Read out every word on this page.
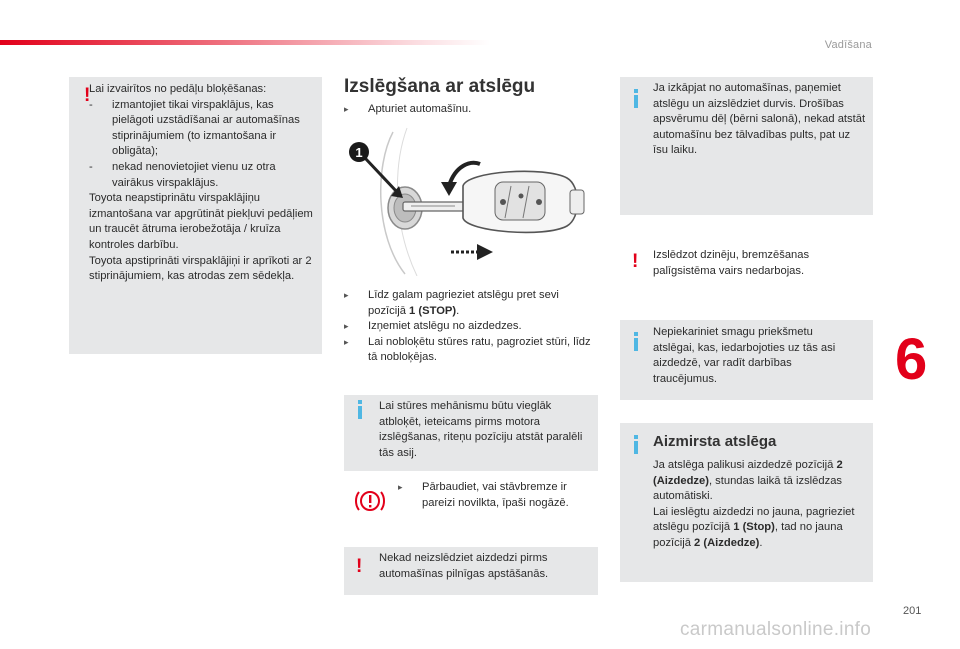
Vadīšana
!
Lai izvairītos no pedāļu bloķēšanas:
- izmantojiet tikai virspaklājus, kas pielāgoti uzstādīšanai ar automašīnas stiprinājumiem (to izmantošana ir obligāta);
- nekad nenovietojiet vienu uz otra vairākus virspaklājus.
Toyota neapstiprinātu virspaklājiņu izmantošana var apgrūtināt piekļuvi pedāļiem un traucēt ātruma ierobežotāja / kruīza kontroles darbību.
Toyota apstiprināti virspaklājiņi ir aprīkoti ar 2 stiprinājumiem, kas atrodas zem sēdekļa.
Izslēgšana ar atslēgu
▸ Apturiet automašīnu.
1
▸ Līdz galam pagrieziet atslēgu pret sevi pozīcijā 1 (STOP).
▸ Izņemiet atslēgu no aizdedzes.
▸ Lai nobloķētu stūres ratu, pagroziet stūri, līdz tā nobloķējas.
Lai stūres mehānismu būtu vieglāk atbloķēt, ieteicams pirms motora izslēgšanas, riteņu pozīciju atstāt paralēli tās asij.
▸ Pārbaudiet, vai stāvbremze ir pareizi novilkta, īpaši nogāzē.
! Nekad neizslēdziet aizdedzi pirms automašīnas pilnīgas apstāšanās.
Ja izkāpjat no automašīnas, paņemiet atslēgu un aizslēdziet durvis. Drošības apsvērumu dēļ (bērni salonā), nekad atstāt automašīnu bez tālvadības pults, pat uz īsu laiku.
! Izslēdzot dzinēju, bremzēšanas palīgsistēma vairs nedarbojas.
Nepiekariniet smagu priekšmetu atslēgai, kas, iedarbojoties uz tās asi aizdedzē, var radīt darbības traucējumus.
Aizmirsta atslēga
Ja atslēga palikusi aizdedzē pozīcijā 2 (Aizdedze), stundas laikā tā izslēdzas automātiski.
Lai ieslēgtu aizdedzi no jauna, pagrieziet atslēgu pozīcijā 1 (Stop), tad no jauna pozīcijā 2 (Aizdedze).
6
201
carmanualsonline.info
